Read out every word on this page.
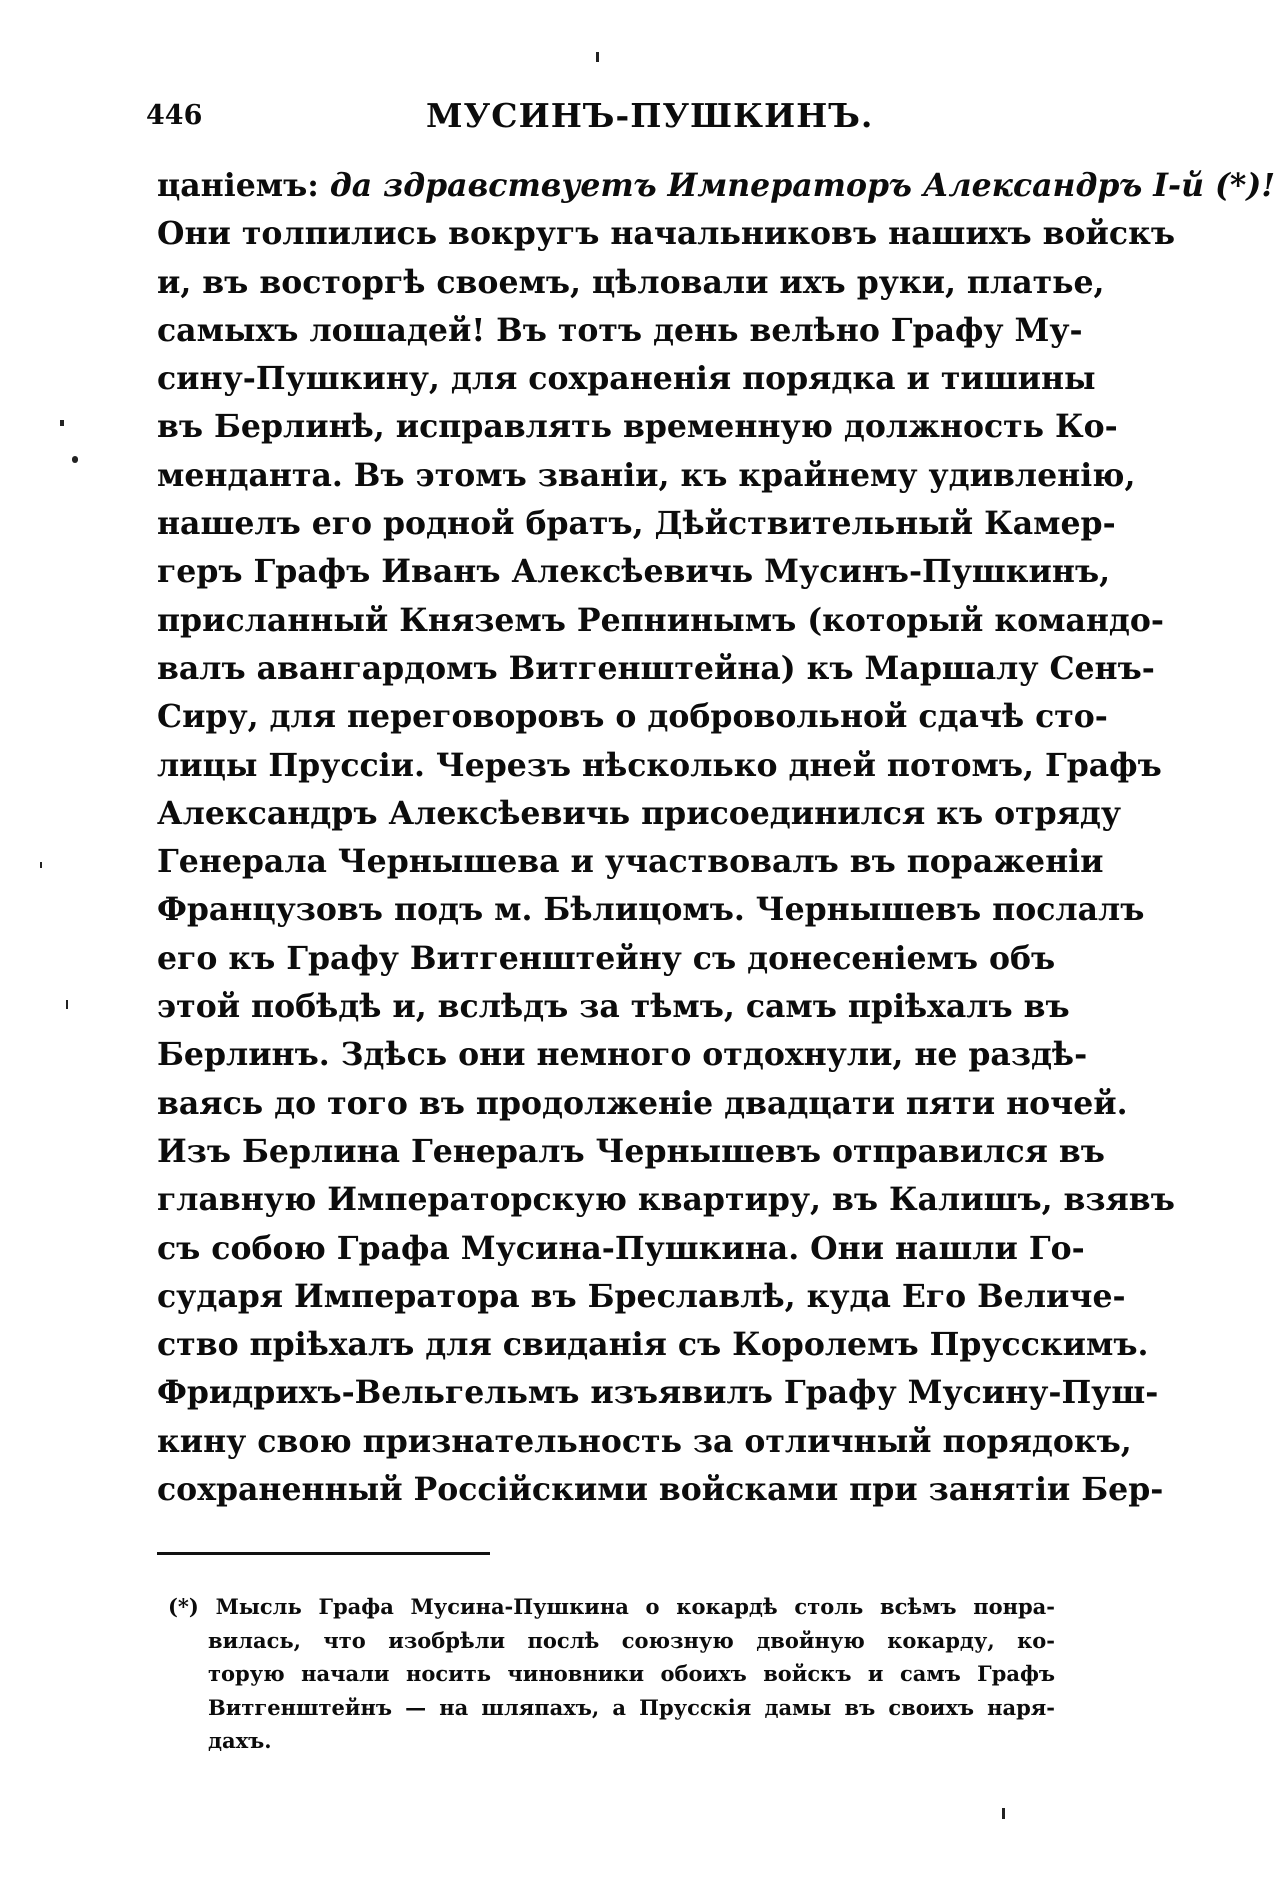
446	МУСИНЪ-ПУШКИНЪ.
цаніемъ: да здравствуетъ Императоръ Александръ I-й (*)!
Они толпились вокругъ начальниковъ нашихъ войскъ
и, въ восторгѣ своемъ, цѣловали ихъ руки, платье,
самыхъ лошадей! Въ тотъ день велѣно Графу Му-
сину-Пушкину, для сохраненія порядка и тишины
въ Берлинѣ, исправлять временную должность Ко-
менданта. Въ этомъ званіи, къ крайнему удивленію,
нашелъ его родной братъ, Дѣйствительный Камер-
геръ Графъ Иванъ Алексѣевичь Мусинъ-Пушкинъ,
присланный Княземъ Репнинымъ (который командо-
валъ авангардомъ Витгенштейна) къ Маршалу Сенъ-
Сиру, для переговоровъ о добровольной сдачѣ сто-
лицы Пруссіи. Черезъ нѣсколько дней потомъ, Графъ
Александръ Алексѣевичь присоединился къ отряду
Генерала Чернышева и участвовалъ въ пораженіи
Французовъ подъ м. Бѣлицомъ. Чернышевъ послалъ
его къ Графу Витгенштейну съ донесеніемъ объ
этой побѣдѣ и, вслѣдъ за тѣмъ, самъ пріѣхалъ въ
Берлинъ. Здѣсь они немного отдохнули, не раздѣ-
ваясь до того въ продолженіе двадцати пяти ночей.
Изъ Берлина Генералъ Чернышевъ отправился въ
главную Императорскую квартиру, въ Калишъ, взявъ
съ собою Графа Мусина-Пушкина. Они нашли Го-
сударя Императора въ Бреславлѣ, куда Его Величе-
ство пріѣхалъ для свиданія съ Королемъ Прусскимъ.
Фридрихъ-Вельгельмъ изъявилъ Графу Мусину-Пуш-
кину свою признательность за отличный порядокъ,
сохраненный Россійскими войсками при занятіи Бер-
(*) Мысль Графа Мусина-Пушкина о кокардѣ столь всѣмъ понра-
вилась, что изобрѣли послѣ союзную двойную кокарду, ко-
торую начали носить чиновники обоихъ войскъ и самъ Графъ
Витгенштейнъ — на шляпахъ, а Прусскія дамы въ своихъ наря-
дахъ.
